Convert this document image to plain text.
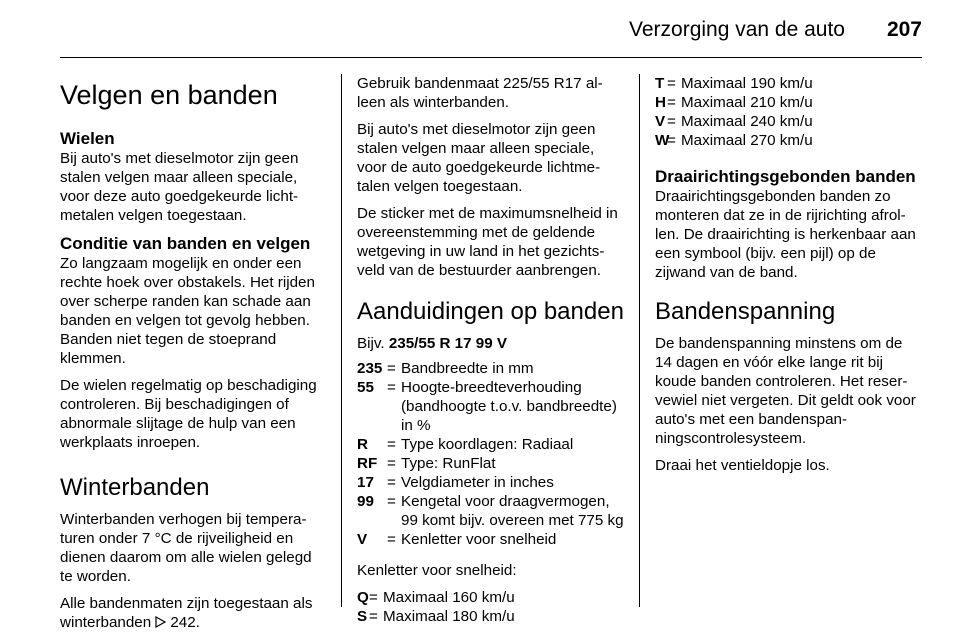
Verzorging van de auto 207
Velgen en banden
Wielen

Bij auto's met dieselmotor zijn geen stalen velgen maar alleen speciale, voor deze auto goedgekeurde lichtmetalen velgen toegestaan.

Conditie van banden en velgen

Zo langzaam mogelijk en onder een rechte hoek over obstakels. Het rijden over scherpe randen kan schade aan banden en velgen tot gevolg hebben. Banden niet tegen de stoeprand klemmen.

De wielen regelmatig op beschadiging controleren. Bij beschadigingen of abnormale slijtage de hulp van een werkplaats inroepen.

Winterbanden

Winterbanden verhogen bij temperaturen onder 7 °C de rijveiligheid en dienen daarom om alle wielen gelegd te worden.

Alle bandenmaten zijn toegestaan als winterbanden 242.

Gebruik bandenmaat 225/55 R17 alleen als winterbanden.

Bij auto's met dieselmotor zijn geen stalen velgen maar alleen speciale, voor de auto goedgekeurde lichtmetalen velgen toegestaan.

De sticker met de maximumsnelheid in overeenstemming met de geldende wetgeving in uw land in het gezichtsveld van de bestuurder aanbrengen.

Aanduidingen op banden

Bijv. 235/55 R 17 99 V

235 = Bandbreedte in mm
55 = Hoogte-breedteverhouding (bandhoogte t.o.v. bandbreedte) in %
R	= Type koordlagen: Radiaal
RF = Type: RunFlat
17 = Velgdiameter in inches
99 = Kengetal voor draagvermogen, 99 komt bijv. overeen met 775 kg
V	= Kenletter voor snelheid

Kenletter voor snelheid:

Q = Maximaal 160 km/u
S = Maximaal 180 km/u
T = Maximaal 190 km/u
H = Maximaal 210 km/u
V = Maximaal 240 km/u
W
= Maximaal 270 km/u
Draairichtingsgebonden banden

Draairichtingsgebonden banden zo monteren dat ze in de rijrichting afrollen. De draairichting is herkenbaar aan een symbool (bijv. een pijl) op de zijwand van de band.

Bandenspanning

De bandenspanning minstens om de 14 dagen en vóór elke lange rit bij koude banden controleren. Het reservewiel niet vergeten. Dit geldt ook voor auto's met een bandenspanningscontrolesysteem.

Draai het ventieldopje los.
